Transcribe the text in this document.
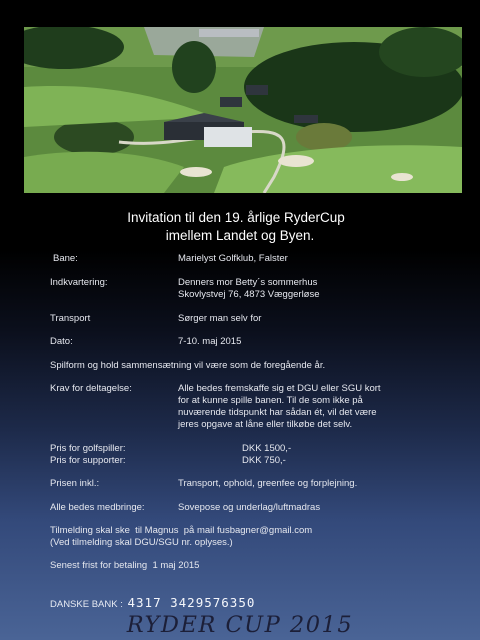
Invitation til den 19. årlige RyderCup
imellem Landet og Byen.
Bane:	Marielyst Golfklub, Falster
Indkvartering:	Denners mor Betty´s sommerhus
Skovlystvej 76, 4873 Væggerløse
Transport	Sørger man selv for
Dato:	7-10. maj 2015
Spilform og hold sammensætning vil være som de foregående år.
Krav for deltagelse:	Alle bedes fremskaffe sig et DGU eller SGU kort
for at kunne spille banen. Til de som ikke på
nuværende tidspunkt har sådan ét, vil det være
jeres opgave at låne eller tilkøbe det selv.
Pris for golfspiller:	DKK 1500,-
Pris for supporter:	DKK 750,-
Prisen inkl.:	Transport, ophold, greenfee og forplejning.
Alle bedes medbringe:	Sovepose og underlag/luftmadras
Tilmelding skal ske  til Magnus  på mail fusbagner@gmail.com
(Ved tilmelding skal DGU/SGU nr. oplyses.)
Senest frist for betaling  1 maj 2015
DANSKE BANK : 4317 3429576350
RYDER CUP 2015
